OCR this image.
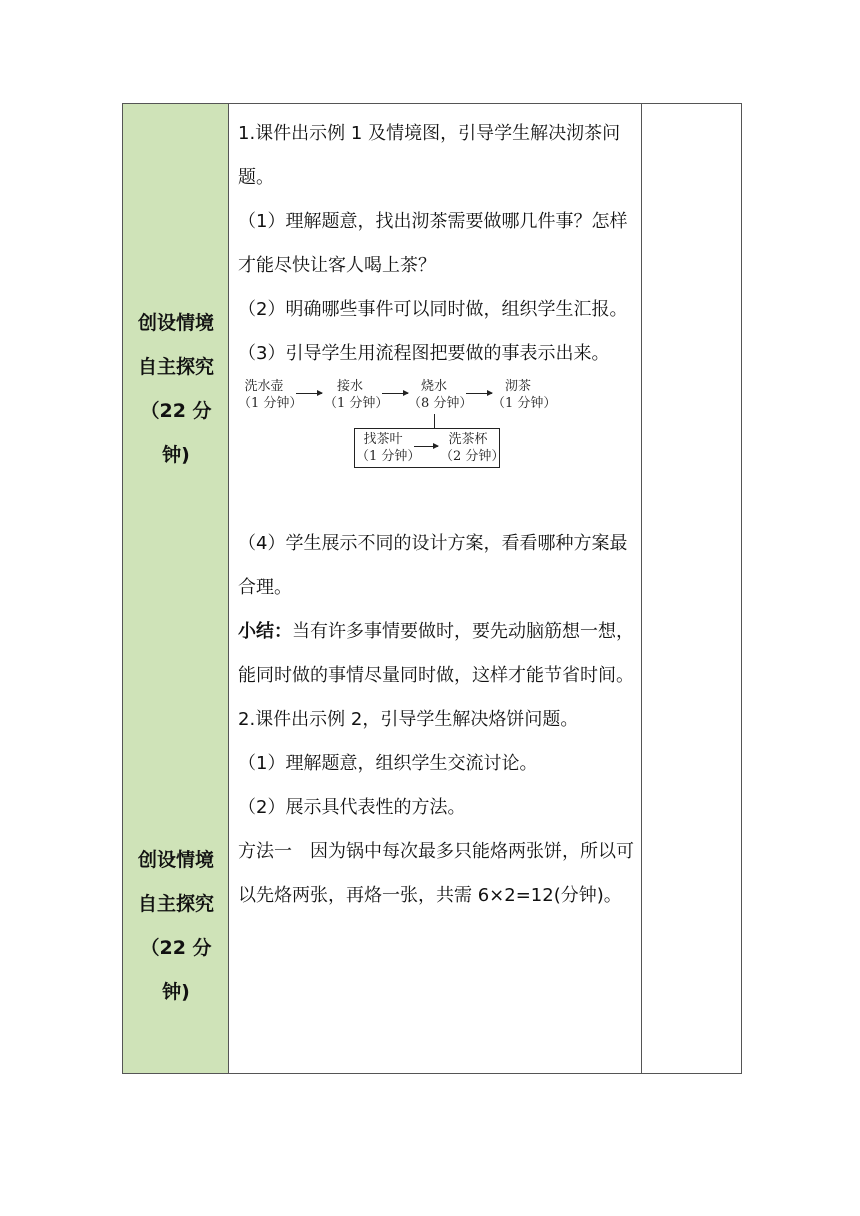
创设情境
自主探究
（22 分
钟)
创设情境
自主探究
（22 分
钟)

1.课件出示例 1 及情境图，引导学生解决沏茶问题。

（1）理解题意，找出沏茶需要做哪几件事？怎样才能尽快让客人喝上茶？

（2）明确哪些事件可以同时做，组织学生汇报。

（3）引导学生用流程图把要做的事表示出来。

洗水壶
（1 分钟）
接水
（1 分钟）
烧水
（8 分钟）
沏茶
（1 分钟）
找茶叶
（1 分钟）
洗茶杯
（2 分钟）

（4）学生展示不同的设计方案，看看哪种方案最合理。

小结：当有许多事情要做时，要先动脑筋想一想，能同时做的事情尽量同时做，这样才能节省时间。

2.课件出示例 2，引导学生解决烙饼问题。

（1）理解题意，组织学生交流讨论。

（2）展示具代表性的方法。

方法一　因为锅中每次最多只能烙两张饼，所以可以先烙两张，再烙一张，共需 6×2=12(分钟)。
